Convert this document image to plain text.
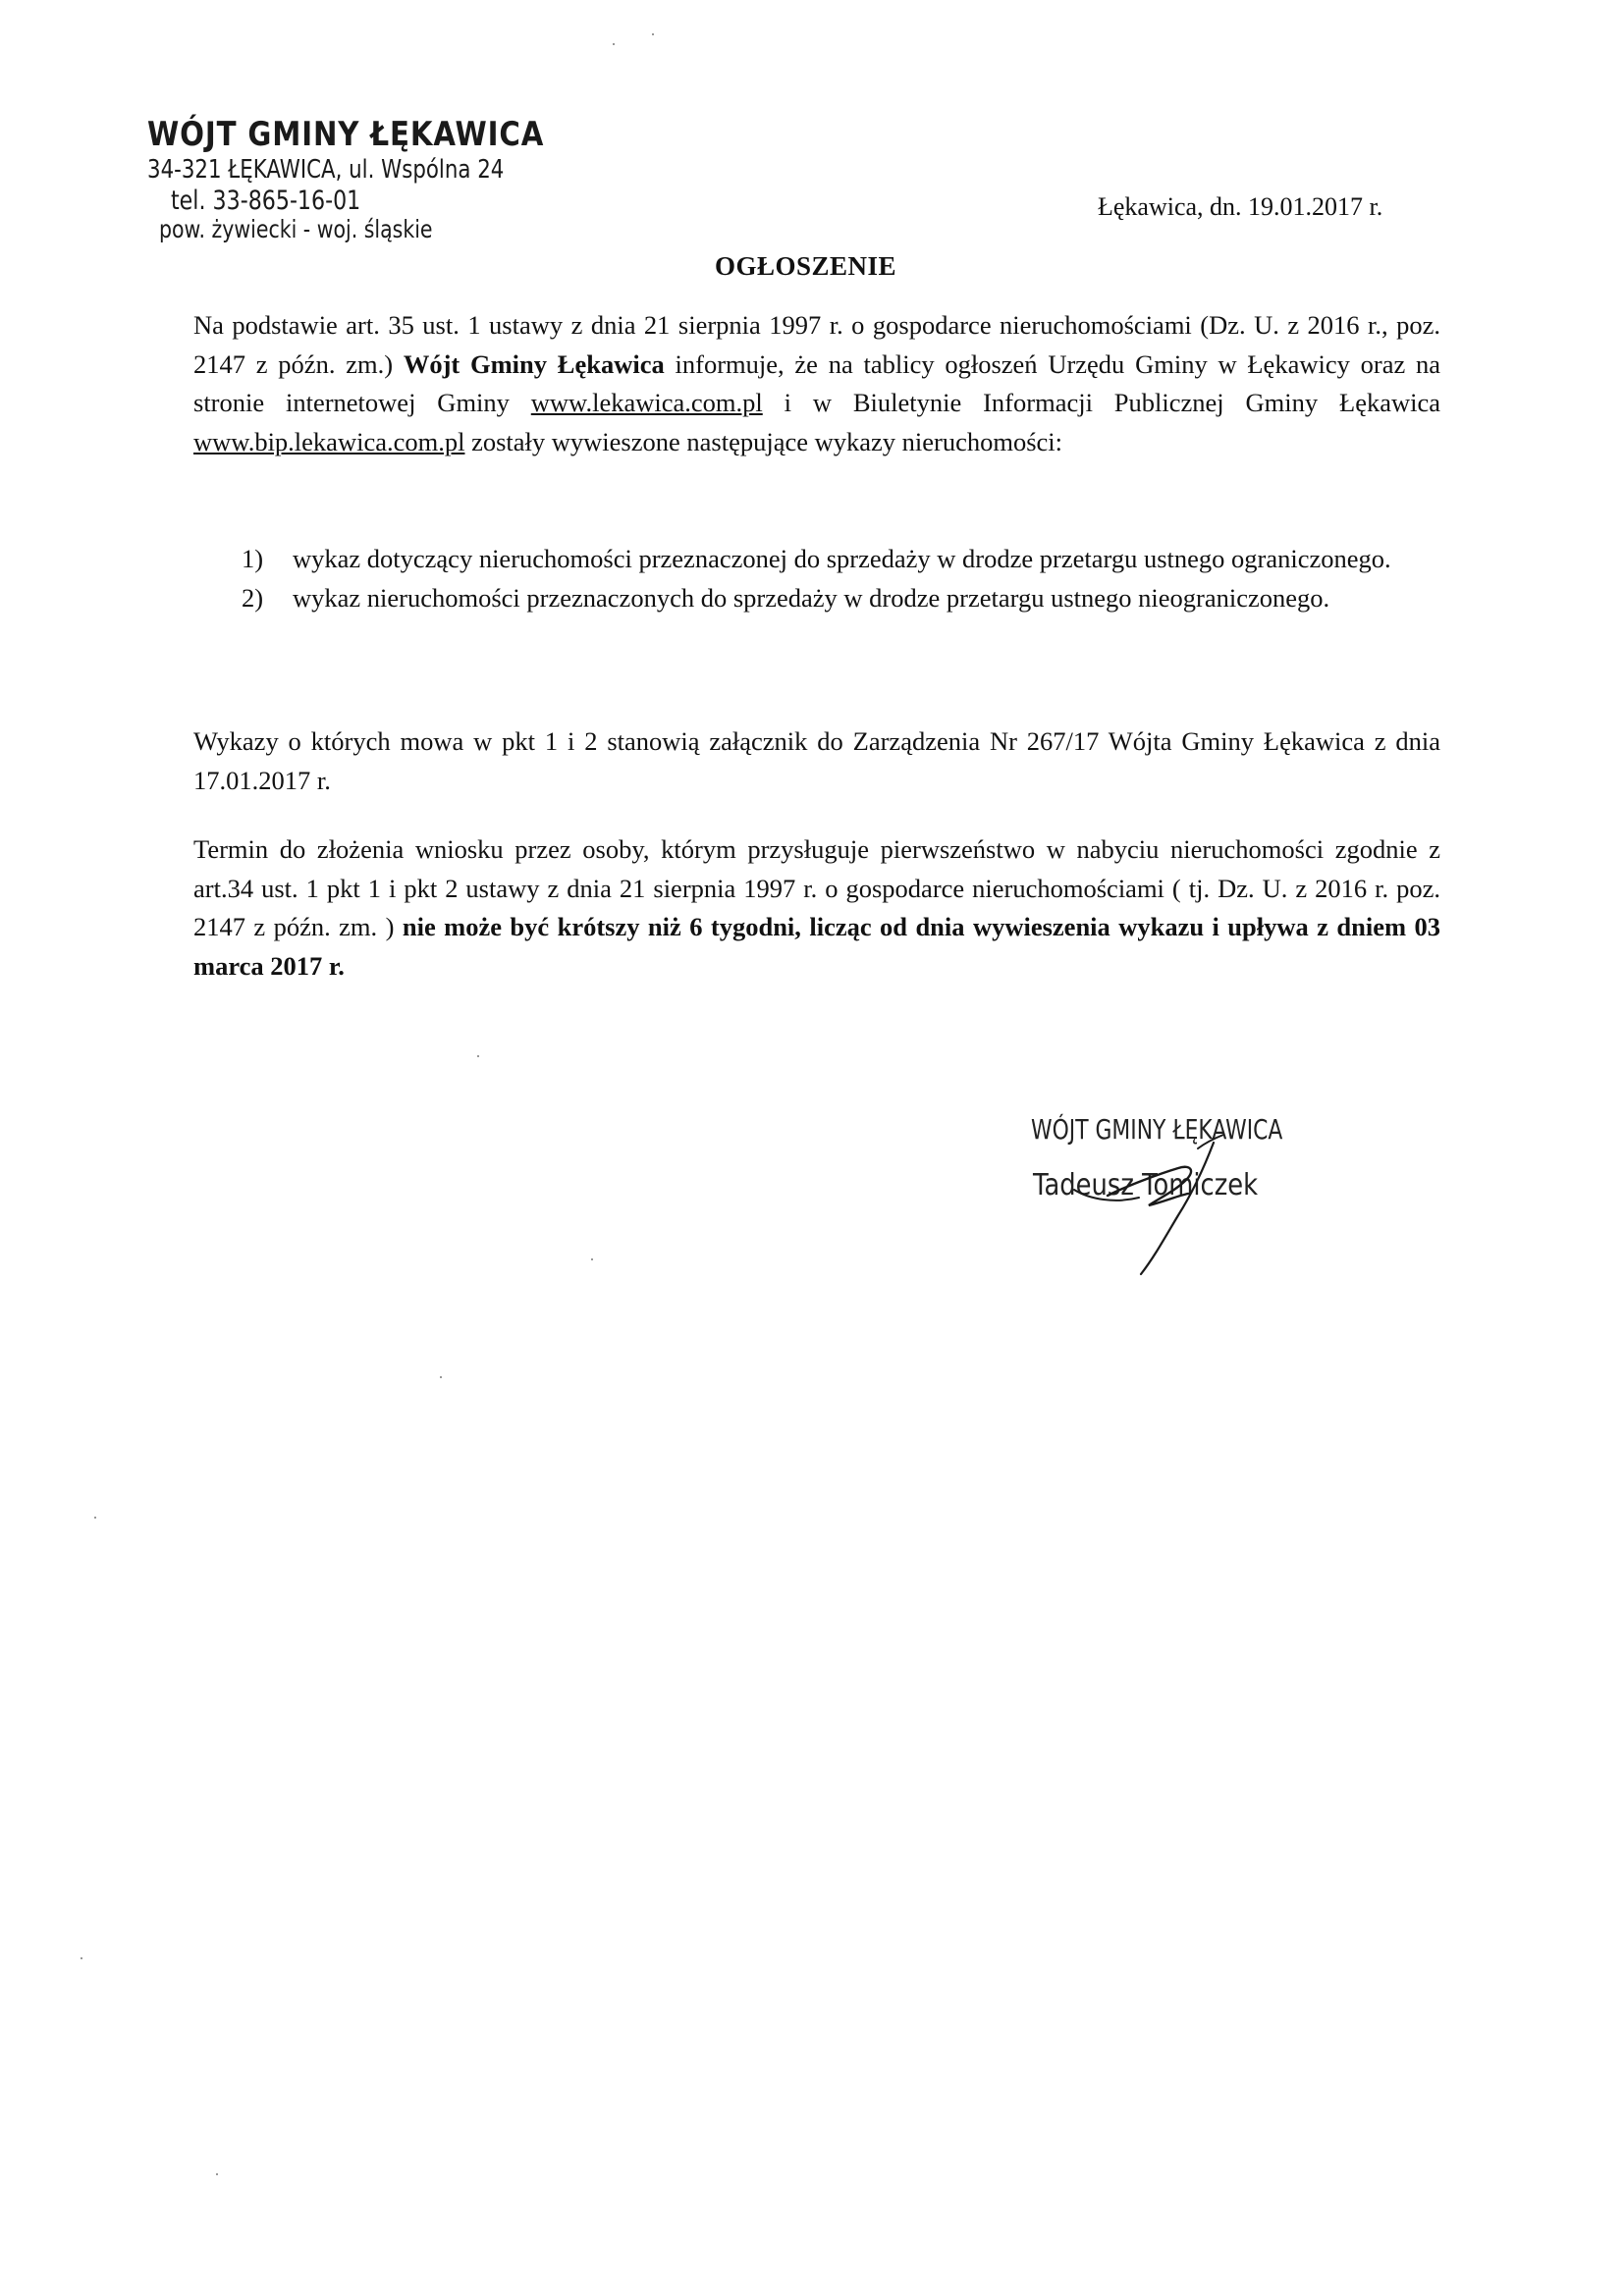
WÓJT GMINY ŁĘKAWICA
34-321 ŁĘKAWICA, ul. Wspólna 24
tel. 33-865-16-01
pow. żywiecki - woj. śląskie
Łękawica, dn. 19.01.2017 r.
OGŁOSZENIE
Na podstawie art. 35 ust. 1 ustawy z dnia 21 sierpnia 1997 r. o gospodarce nieruchomościami (Dz. U. z 2016 r., poz. 2147 z późn. zm.) Wójt Gminy Łękawica informuje, że na tablicy ogłoszeń Urzędu Gminy w Łękawicy oraz na stronie internetowej Gminy www.lekawica.com.pl i w Biuletynie Informacji Publicznej Gminy Łękawica www.bip.lekawica.com.pl zostały wywieszone następujące wykazy nieruchomości:
1)	wykaz dotyczący nieruchomości przeznaczonej do sprzedaży w drodze przetargu ustnego ograniczonego.
2)	wykaz nieruchomości przeznaczonych do sprzedaży w drodze przetargu ustnego nieograniczonego.
Wykazy o których mowa w pkt 1 i 2 stanowią załącznik do Zarządzenia Nr 267/17 Wójta Gminy Łękawica z dnia 17.01.2017 r.
Termin do złożenia wniosku przez osoby, którym przysługuje pierwszeństwo w nabyciu nieruchomości zgodnie z art.34 ust. 1 pkt 1 i pkt 2 ustawy z dnia 21 sierpnia 1997 r. o gospodarce nieruchomościami ( tj. Dz. U. z 2016 r. poz. 2147 z późn. zm. ) nie może być krótszy niż 6 tygodni, licząc od dnia wywieszenia wykazu i upływa z dniem 03 marca 2017 r.
WÓJT GMINY ŁĘKAWICA
Tadeusz Tomiczek
